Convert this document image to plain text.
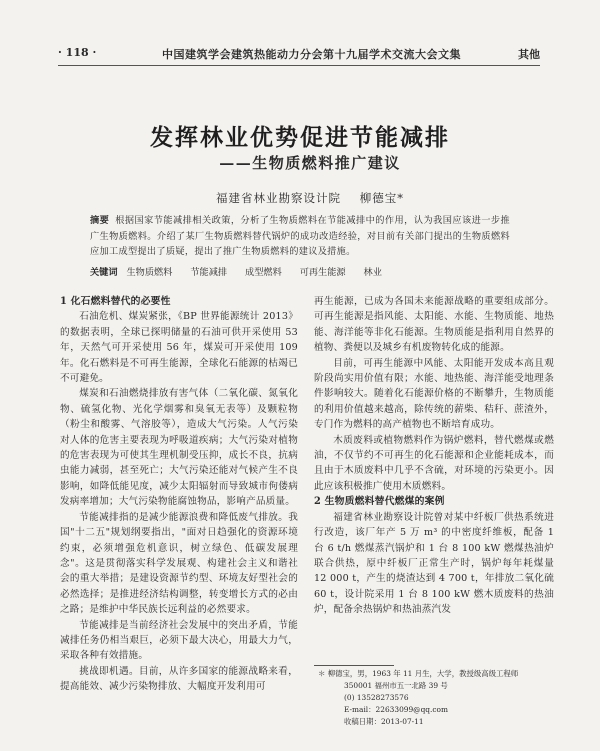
· 118 ·	中国建筑学会建筑热能动力分会第十九届学术交流大会文集	其他
发挥林业优势促进节能减排
——生物质燃料推广建议
福建省林业勘察设计院 柳德宝*
摘要 根据国家节能减排相关政策，分析了生物质燃料在节能减排中的作用，认为我国应该进一步推广生物质燃料。介绍了某厂生物质燃料替代锅炉的成功改造经验，对目前有关部门提出的生物质燃料应加工成型提出了质疑，提出了推广生物质燃料的建议及措施。
关键词 生物质燃料 节能减排 成型燃料 可再生能源 林业
1 化石燃料替代的必要性

石油危机、煤炭紧张，《BP 世界能源统计 2013》的数据表明，全球已探明储量的石油可供开采使用 53 年，天然气可开采使用 56 年，煤炭可开采使用 109 年。化石燃料是不可再生能源，全球化石能源的枯竭已不可避免。

煤炭和石油燃烧排放有害气体（二氧化碳、氮氧化物、硫氢化物、光化学烟雾和臭氧无表等）及颗粒物（粉尘和酸雾、气溶胶等），造成大气污染。人气污染对人体的危害主要表现为呼吸道疾病；大气污染对植物的危害表现为可使其生理机制受压抑，成长不良，抗病虫能力减弱，甚至死亡；大气污染还能对气候产生不良影响，如降低能见度，减少太阳辐射而导致城市佝偻病发病率增加；大气污染物能腐蚀物品，影响产品质量。

节能减排指的是减少能源浪费和降低废气排放。我国"十二五"规划纲要指出，"面对日趋强化的资源环境约束，必须增强危机意识，树立绿色、低碳发展理念"。这是贯彻落实科学发展观、构建社会主义和谐社会的重大举措；是建设资源节约型、环境友好型社会的必然选择；是推进经济结构调整，转变增长方式的必由之路；是维护中华民族长远利益的必然要求。

节能减排是当前经济社会发展中的突出矛盾，节能减排任务仍相当艰巨，必须下最大决心，用最大力气，采取各种有效措施。

挑战即机遇。目前，从许多国家的能源战略来看，提高能效、减少污染物排放、大幅度开发利用可

再生能源，已成为各国未来能源战略的重要组成部分。可再生能源是指风能、太阳能、水能、生物质能、地热能、海洋能等非化石能源。生物质能是指利用自然界的植物、粪便以及城乡有机废物转化成的能源。

目前，可再生能源中风能、太阳能开发成本高且观阶段尚实用价值有限；水能、地热能、海洋能受地理条件影响较大。随着化石能源价格的不断攀升，生物质能的利用价值越来越高，除传统的薪柴、秸秆、蔗渣外，专门作为燃料的高产植物也不断培育成功。

木质废料或植物燃料作为锅炉燃料，替代燃煤或燃油，不仅节约不可再生的化石能源和企业能耗成本，而且由于木质废料中几乎不含硫，对环境的污染更小。因此应该积极推广使用木质燃料。

2 生物质燃料替代燃煤的案例

福建省林业勘察设计院曾对某中纤板厂供热系统进行改造，该厂年产 5 万 m³ 的中密度纤维板，配备 1 台 6 t/h 燃煤蒸汽锅炉和 1 台 8 100 kW 燃煤热油炉联合供热，原中纤板厂正常生产时，锅炉每年耗煤量 12 000 t，产生的烧渣达到 4 700 t，年排放二氧化硫 60 t，设计院采用 1 台 8 100 kW 燃木质废料的热油炉，配备余热锅炉和热油蒸汽发

＊ 柳德宝，男，1963 年 11 月生，大学，教授级高级工程师
350001 福州市五一北路 39 号
(0) 13528273576
E-mail：22633099@qq.com
收稿日期：2013-07-11
